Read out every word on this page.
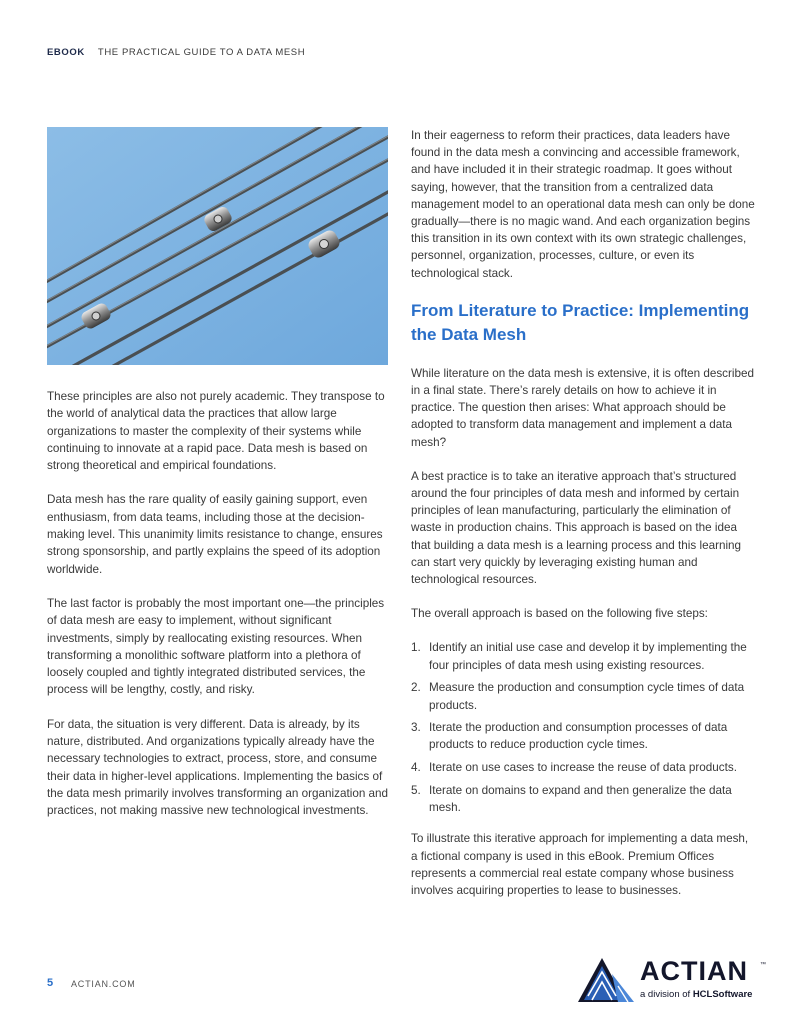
EBOOK THE PRACTICAL GUIDE TO A DATA MESH

These principles are also not purely academic. They transpose to the world of analytical data the practices that allow large organizations to master the complexity of their systems while continuing to innovate at a rapid pace. Data mesh is based on strong theoretical and empirical foundations.

Data mesh has the rare quality of easily gaining support, even enthusiasm, from data teams, including those at the decision-making level. This unanimity limits resistance to change, ensures strong sponsorship, and partly explains the speed of its adoption worldwide.

The last factor is probably the most important one—the principles of data mesh are easy to implement, without significant investments, simply by reallocating existing resources. When transforming a monolithic software platform into a plethora of loosely coupled and tightly integrated distributed services, the process will be lengthy, costly, and risky.

For data, the situation is very different. Data is already, by its nature, distributed. And organizations typically already have the necessary technologies to extract, process, store, and consume their data in higher-level applications. Implementing the basics of the data mesh primarily involves transforming an organization and practices, not making massive new technological investments.

In their eagerness to reform their practices, data leaders have found in the data mesh a convincing and accessible framework, and have included it in their strategic roadmap. It goes without saying, however, that the transition from a centralized data management model to an operational data mesh can only be done gradually—there is no magic wand. And each organization begins this transition in its own context with its own strategic challenges, personnel, organization, processes, culture, or even its technological stack.

From Literature to Practice: Implementing the Data Mesh

While literature on the data mesh is extensive, it is often described in a final state. There’s rarely details on how to achieve it in practice. The question then arises: What approach should be adopted to transform data management and implement a data mesh?

A best practice is to take an iterative approach that’s structured around the four principles of data mesh and informed by certain principles of lean manufacturing, particularly the elimination of waste in production chains. This approach is based on the idea that building a data mesh is a learning process and this learning can start very quickly by leveraging existing human and technological resources.

The overall approach is based on the following five steps:

1. Identify an initial use case and develop it by implementing the four principles of data mesh using existing resources.
2. Measure the production and consumption cycle times of data products.
3. Iterate the production and consumption processes of data products to reduce production cycle times.
4. Iterate on use cases to increase the reuse of data products.
5. Iterate on domains to expand and then generalize the data mesh.

To illustrate this iterative approach for implementing a data mesh, a fictional company is used in this eBook. Premium Offices represents a commercial real estate company whose business involves acquiring properties to lease to businesses.

5 ACTIAN.COM	ACTIAN ™
a division of HCLSoftware
